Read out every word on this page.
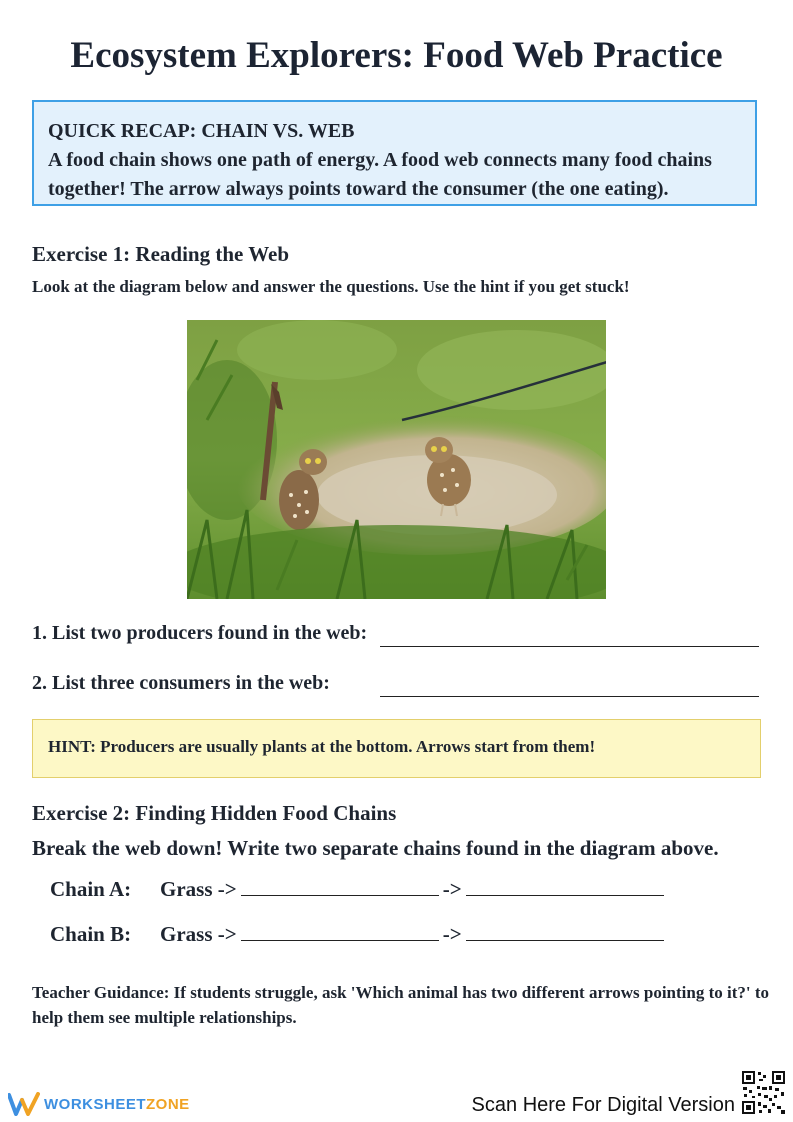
Ecosystem Explorers: Food Web Practice

QUICK RECAP: CHAIN VS. WEB

A food chain shows one path of energy. A food web connects many food chains together! The arrow always points toward the consumer (the one eating).

Exercise 1: Reading the Web

Look at the diagram below and answer the questions. Use the hint if you get stuck!

1. List two producers found in the web:
2. List three consumers in the web:
HINT: Producers are usually plants at the bottom. Arrows start from them!
Exercise 2: Finding Hidden Food Chains

Break the web down! Write two separate chains found in the diagram above.

Chain A: Grass ->	->
Chain B: Grass ->	->

Teacher Guidance: If students struggle, ask 'Which animal has two different arrows pointing to it?' to help them see multiple relationships.

WORKSHEET ZONE	Scan Here For Digital Version
